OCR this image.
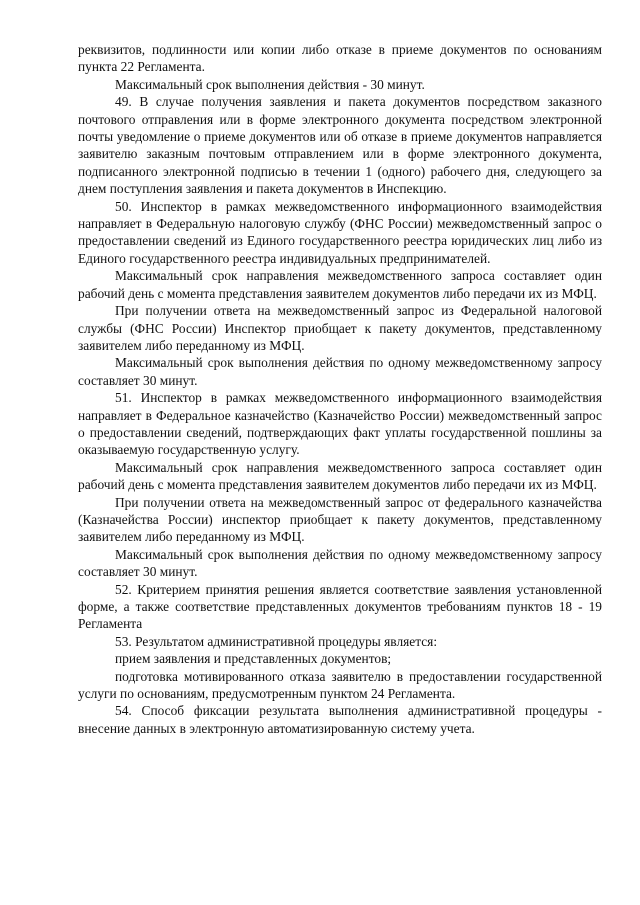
реквизитов, подлинности или копии либо отказе в приеме документов по основаниям пункта 22 Регламента.

Максимальный срок выполнения действия - 30 минут.

49. В случае получения заявления и пакета документов посредством заказного почтового отправления или в форме электронного документа посредством электронной почты уведомление о приеме документов или об отказе в приеме документов направляется заявителю заказным почтовым отправлением или в форме электронного документа, подписанного электронной подписью в течении 1 (одного) рабочего дня, следующего за днем поступления заявления и пакета документов в Инспекцию.

50. Инспектор в рамках межведомственного информационного взаимодействия направляет в Федеральную налоговую службу (ФНС России) межведомственный запрос о предоставлении сведений из Единого государственного реестра юридических лиц либо из Единого государственного реестра индивидуальных предпринимателей.

Максимальный срок направления межведомственного запроса составляет один рабочий день с момента представления заявителем документов либо передачи их из МФЦ.

При получении ответа на межведомственный запрос из Федеральной налоговой службы (ФНС России) Инспектор приобщает к пакету документов, представленному заявителем либо переданному из МФЦ.

Максимальный срок выполнения действия по одному межведомственному запросу составляет 30 минут.

51. Инспектор в рамках межведомственного информационного взаимодействия направляет в Федеральное казначейство (Казначейство России) межведомственный запрос о предоставлении сведений, подтверждающих факт уплаты государственной пошлины за оказываемую государственную услугу.

Максимальный срок направления межведомственного запроса составляет один рабочий день с момента представления заявителем документов либо передачи их из МФЦ.

При получении ответа на межведомственный запрос от федерального казначейства (Казначейства России) инспектор приобщает к пакету документов, представленному заявителем либо переданному из МФЦ.

Максимальный срок выполнения действия по одному межведомственному запросу составляет 30 минут.

52. Критерием принятия решения является соответствие заявления установленной форме, а также соответствие представленных документов требованиям пунктов 18 - 19 Регламента

53. Результатом административной процедуры является:

прием заявления и представленных документов;

подготовка мотивированного отказа заявителю в предоставлении государственной услуги по основаниям, предусмотренным пунктом 24 Регламента.

54. Способ фиксации результата выполнения административной процедуры - внесение данных в электронную автоматизированную систему учета.
